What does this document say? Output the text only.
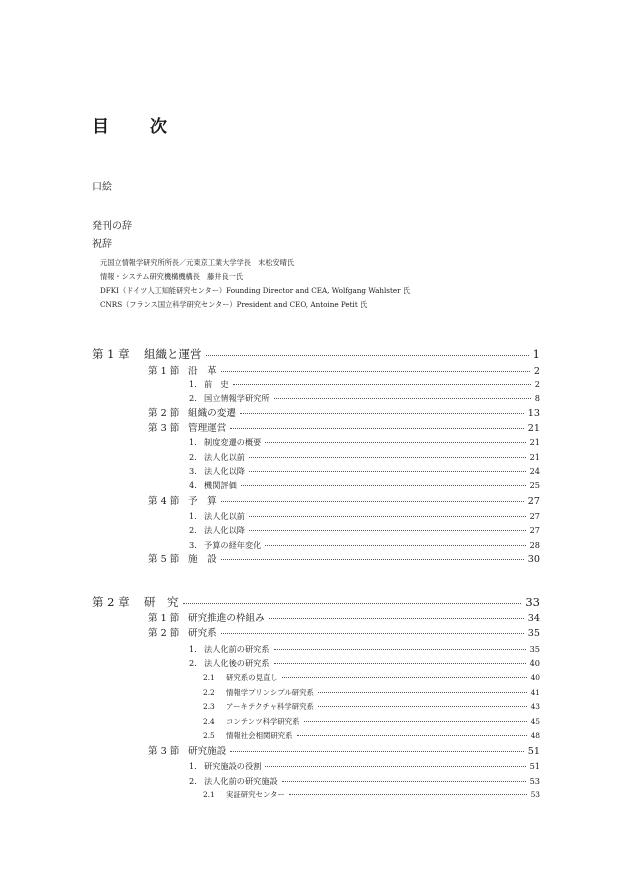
目　次
口絵
発刊の辞
祝辞
元国立情報学研究所所長／元東京工業大学学長　末松安晴氏
情報・システム研究機構機構長　藤井良一氏
DFKI（ドイツ人工知能研究センター）Founding Director and CEA, Wolfgang Wahlster 氏
CNRS（フランス国立科学研究センター）President and CEO, Antoine Petit 氏
第 1 章	組織と運営	1
第 1 節 沿　革	2
1. 前　史	2
2. 国立情報学研究所	8
第 2 節 組織の変遷	13
第 3 節 管理運営	21
1. 制度変遷の概要	21
2. 法人化以前	21
3. 法人化以降	24
4. 機関評価	25
第 4 節 予　算	27
1. 法人化以前	27
2. 法人化以降	27
3. 予算の経年変化	28
第 5 節 施　設	30
第 2 章	研　究	33
第 1 節 研究推進の枠組み	34
第 2 節 研究系	35
1. 法人化前の研究系	35
2. 法人化後の研究系	40
2.1	研究系の見直し	40
2.2	情報学プリンシプル研究系	41
2.3	アーキテクチャ科学研究系	43
2.4	コンテンツ科学研究系	45
2.5	情報社会相関研究系	48
第 3 節 研究施設	51
1. 研究施設の役割	51
2. 法人化前の研究施設	53
2.1	実証研究センター	53
